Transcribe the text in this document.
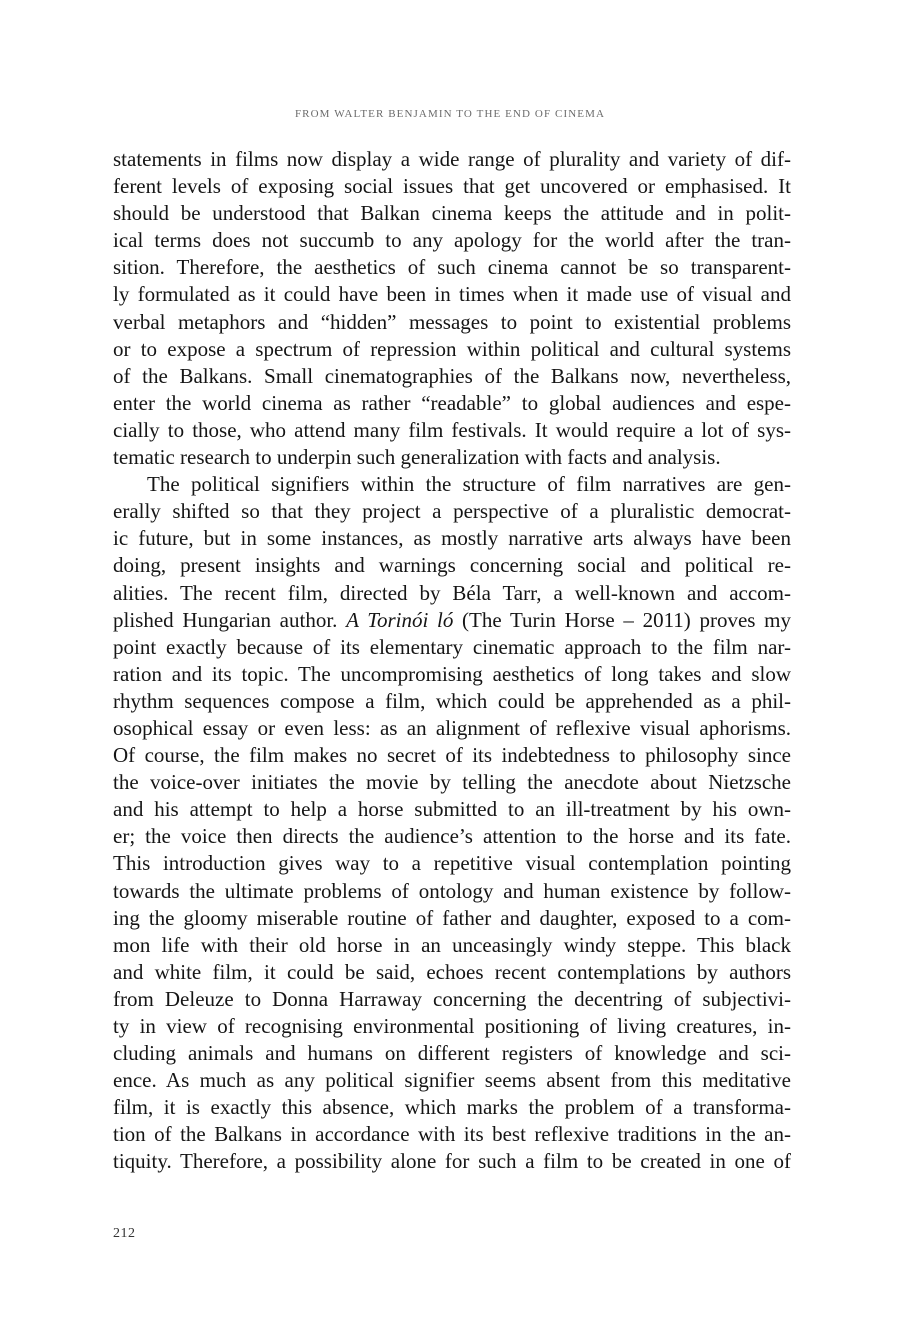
FROM WALTER BENJAMIN TO THE END OF CINEMA
statements in films now display a wide range of plurality and variety of dif-
ferent levels of exposing social issues that get uncovered or emphasised. It
should be understood that Balkan cinema keeps the attitude and in polit-
ical terms does not succumb to any apology for the world after the tran-
sition. Therefore, the aesthetics of such cinema cannot be so transparent-
ly formulated as it could have been in times when it made use of visual and
verbal metaphors and “hidden” messages to point to existential problems
or to expose a spectrum of repression within political and cultural systems
of the Balkans. Small cinematographies of the Balkans now, nevertheless,
enter the world cinema as rather “readable” to global audiences and espe-
cially to those, who attend many film festivals. It would require a lot of sys-
tematic research to underpin such generalization with facts and analysis.
The political signifiers within the structure of film narratives are gen-
erally shifted so that they project a perspective of a pluralistic democrat-
ic future, but in some instances, as mostly narrative arts always have been
doing, present insights and warnings concerning social and political re-
alities. The recent film, directed by Béla Tarr, a well-known and accom-
plished Hungarian author. A Torinói ló (The Turin Horse – 2011) proves my
point exactly because of its elementary cinematic approach to the film nar-
ration and its topic. The uncompromising aesthetics of long takes and slow
rhythm sequences compose a film, which could be apprehended as a phil-
osophical essay or even less: as an alignment of reflexive visual aphorisms.
Of course, the film makes no secret of its indebtedness to philosophy since
the voice-over initiates the movie by telling the anecdote about Nietzsche
and his attempt to help a horse submitted to an ill-treatment by his own-
er; the voice then directs the audience’s attention to the horse and its fate.
This introduction gives way to a repetitive visual contemplation pointing
towards the ultimate problems of ontology and human existence by follow-
ing the gloomy miserable routine of father and daughter, exposed to a com-
mon life with their old horse in an unceasingly windy steppe. This black
and white film, it could be said, echoes recent contemplations by authors
from Deleuze to Donna Harraway concerning the decentring of subjectivi-
ty in view of recognising environmental positioning of living creatures, in-
cluding animals and humans on different registers of knowledge and sci-
ence. As much as any political signifier seems absent from this meditative
film, it is exactly this absence, which marks the problem of a transforma-
tion of the Balkans in accordance with its best reflexive traditions in the an-
tiquity. Therefore, a possibility alone for such a film to be created in one of
212
